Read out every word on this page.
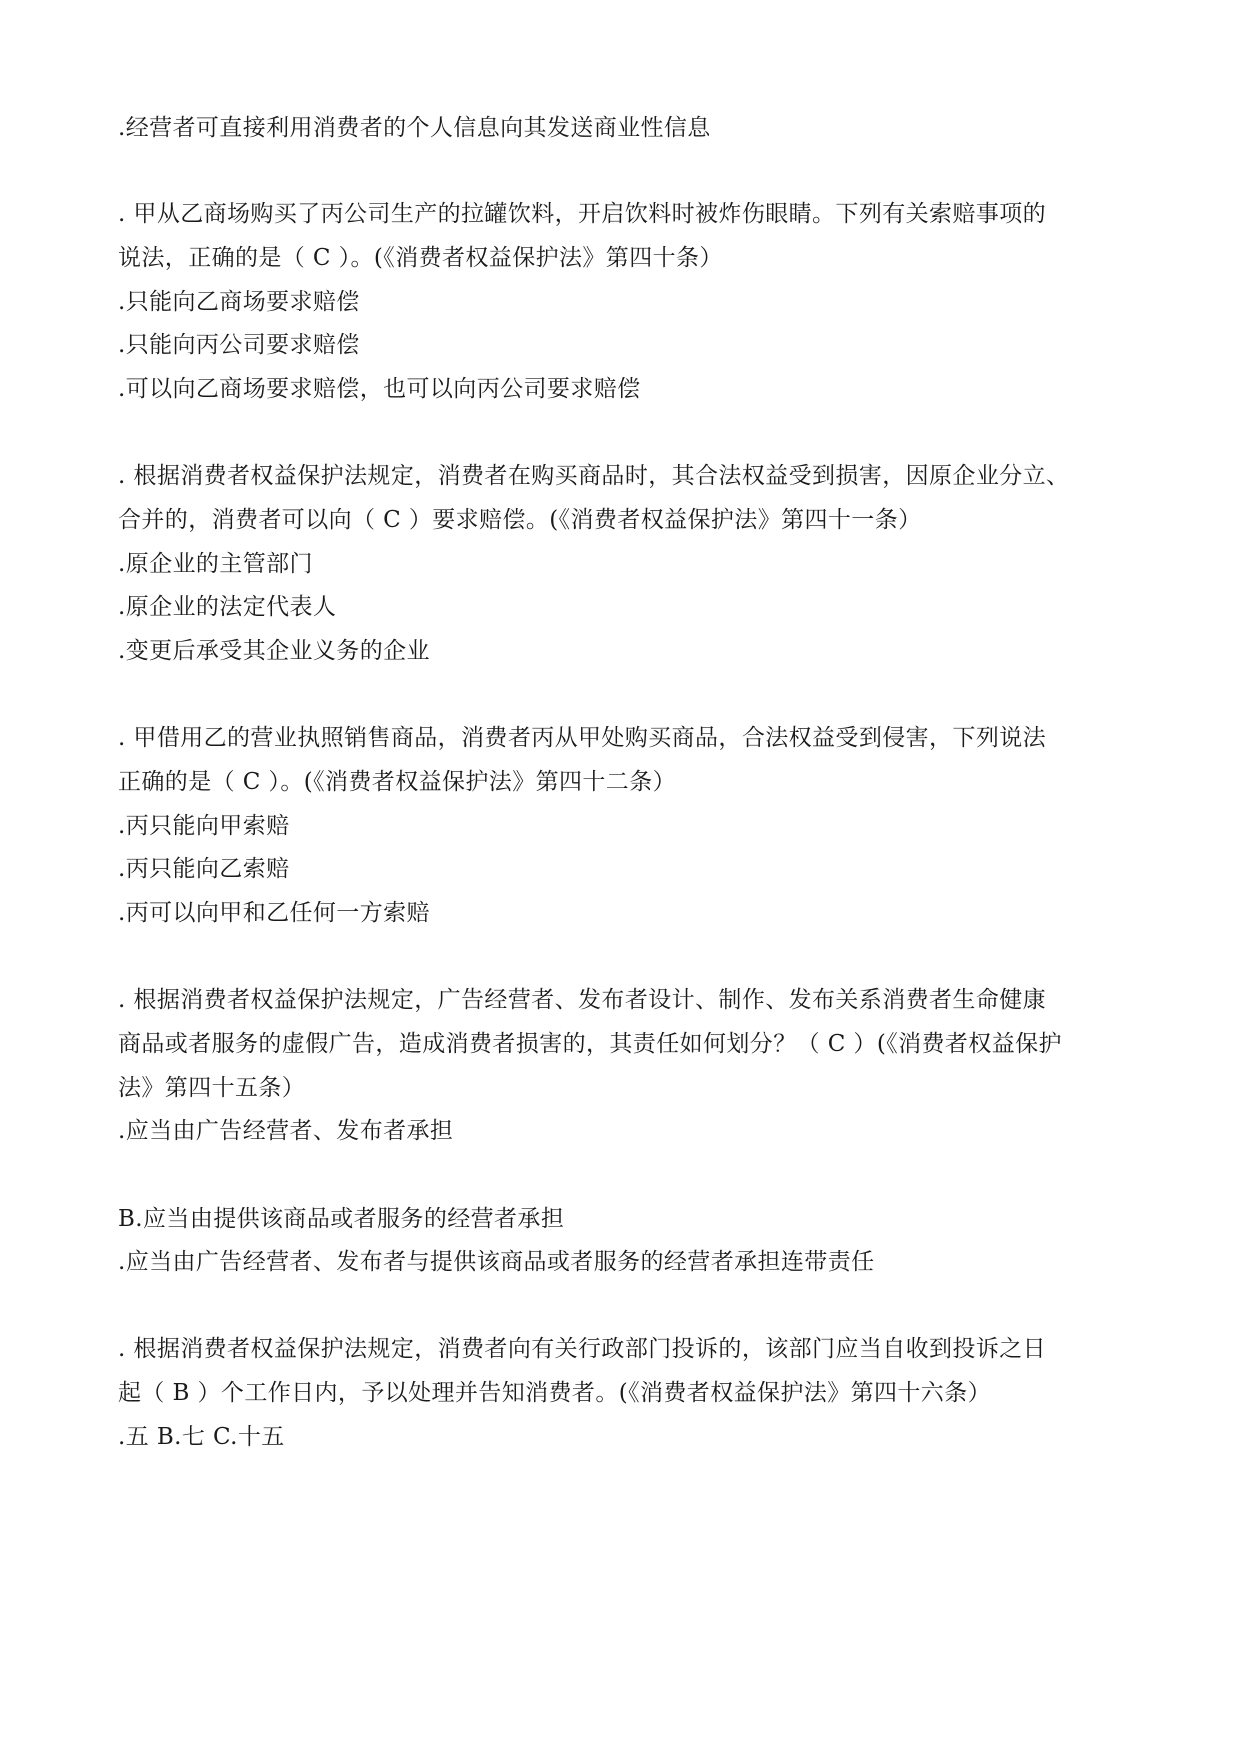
.经营者可直接利用消费者的个人信息向其发送商业性信息
. 甲从乙商场购买了丙公司生产的拉罐饮料，开启饮料时被炸伤眼睛。下列有关索赔事项的
说法，正确的是（ C ）。(《消费者权益保护法》第四十条）
.只能向乙商场要求赔偿
.只能向丙公司要求赔偿
.可以向乙商场要求赔偿，也可以向丙公司要求赔偿
. 根据消费者权益保护法规定，消费者在购买商品时，其合法权益受到损害，因原企业分立、
合并的，消费者可以向（ C ）要求赔偿。(《消费者权益保护法》第四十一条）
.原企业的主管部门
.原企业的法定代表人
.变更后承受其企业义务的企业
. 甲借用乙的营业执照销售商品，消费者丙从甲处购买商品，合法权益受到侵害，下列说法
正确的是（ C ）。(《消费者权益保护法》第四十二条）
.丙只能向甲索赔
.丙只能向乙索赔
.丙可以向甲和乙任何一方索赔
. 根据消费者权益保护法规定，广告经营者、发布者设计、制作、发布关系消费者生命健康
商品或者服务的虚假广告，造成消费者损害的，其责任如何划分？（ C ）(《消费者权益保护
法》第四十五条）
.应当由广告经营者、发布者承担
B.应当由提供该商品或者服务的经营者承担
.应当由广告经营者、发布者与提供该商品或者服务的经营者承担连带责任
. 根据消费者权益保护法规定，消费者向有关行政部门投诉的，该部门应当自收到投诉之日
起（ B ）个工作日内，予以处理并告知消费者。(《消费者权益保护法》第四十六条）
.五 B.七 C.十五
